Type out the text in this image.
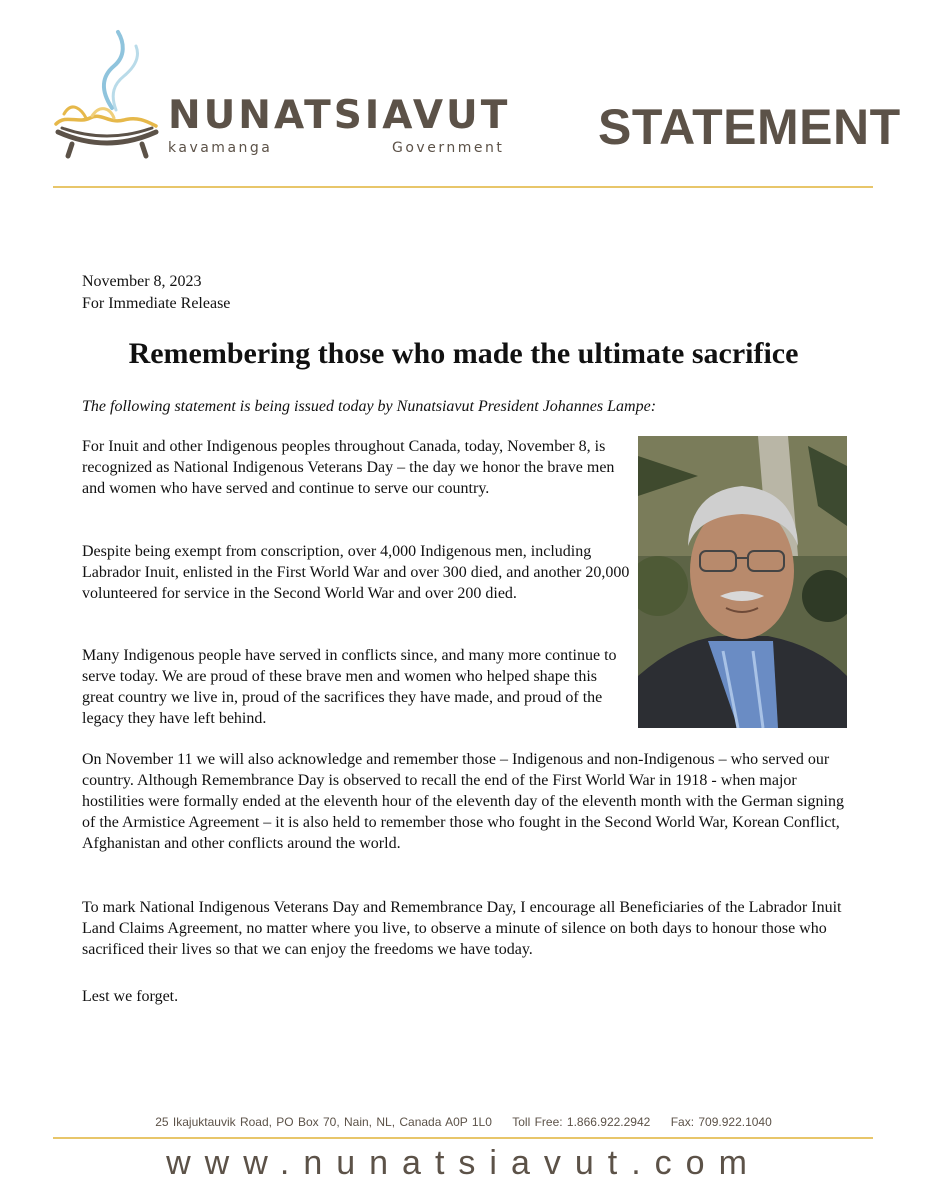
NUNATSIAVUT
kavamanga	Government STATEMENT
November 8, 2023
For Immediate Release
Remembering those who made the ultimate sacrifice
The following statement is being issued today by Nunatsiavut President Johannes Lampe:
For Inuit and other Indigenous peoples throughout Canada, today, November 8, is recognized as National Indigenous Veterans Day – the day we honor the brave men and women who have served and continue to serve our country.
Despite being exempt from conscription, over 4,000 Indigenous men, including Labrador Inuit, enlisted in the First World War and over 300 died, and another 20,000 volunteered for service in the Second World War and over 200 died.
Many Indigenous people have served in conflicts since, and many more continue to serve today. We are proud of these brave men and women who helped shape this great country we live in, proud of the sacrifices they have made, and proud of the legacy they have left behind.
On November 11 we will also acknowledge and remember those – Indigenous and non-Indigenous – who served our country. Although Remembrance Day is observed to recall the end of the First World War in 1918 - when major hostilities were formally ended at the eleventh hour of the eleventh day of the eleventh month with the German signing of the Armistice Agreement – it is also held to remember those who fought in the Second World War, Korean Conflict, Afghanistan and other conflicts around the world.
To mark National Indigenous Veterans Day and Remembrance Day, I encourage all Beneficiaries of the Labrador Inuit Land Claims Agreement, no matter where you live, to observe a minute of silence on both days to honour those who sacrificed their lives so that we can enjoy the freedoms we have today.
Lest we forget.
25 Ikajuktauvik Road, PO Box 70, Nain, NL, Canada A0P 1L0 Toll Free: 1.866.922.2942 Fax: 709.922.1040
www.nunatsiavut.com
